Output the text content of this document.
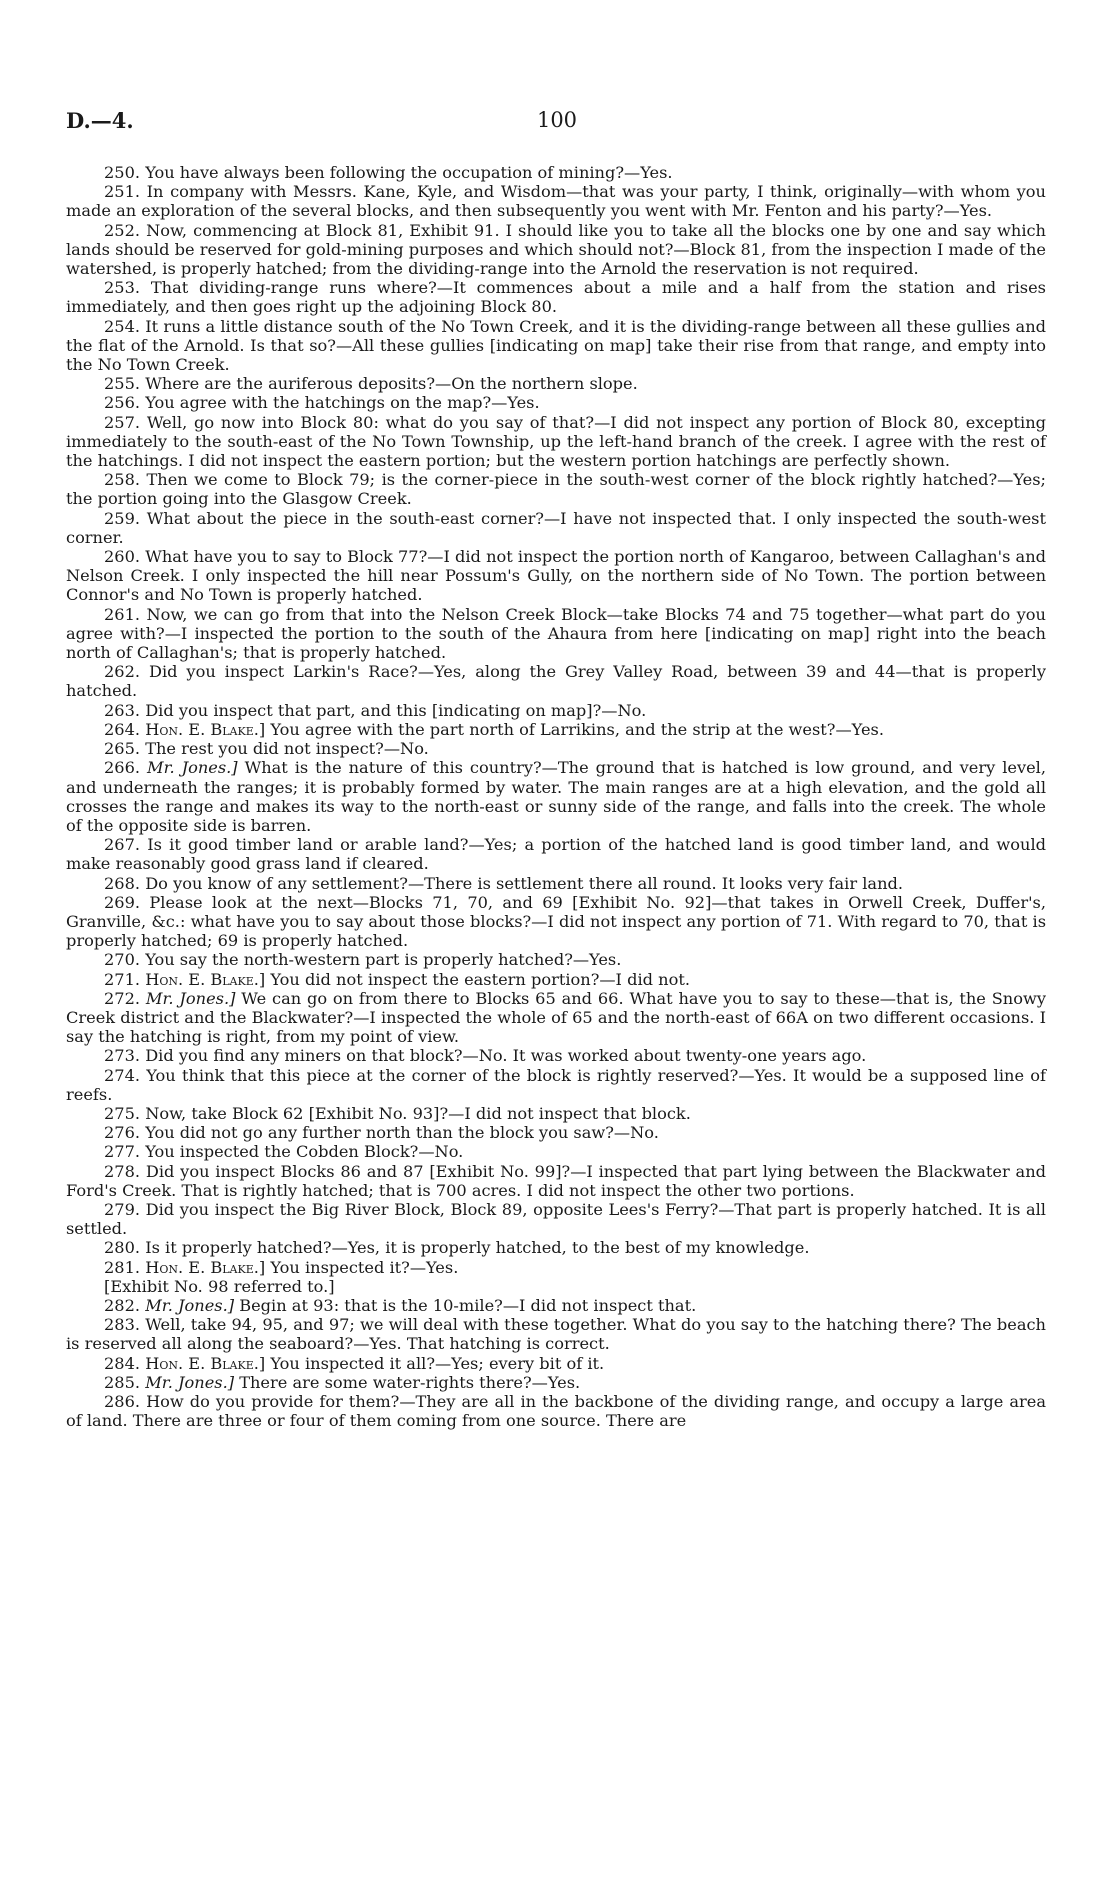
D.—4.	100

250. You have always been following the occupation of mining?—Yes.

251. In company with Messrs. Kane, Kyle, and Wisdom—that was your party, I think, originally—with whom you made an exploration of the several blocks, and then subsequently you went with Mr. Fenton and his party?—Yes.

252. Now, commencing at Block 81, Exhibit 91. I should like you to take all the blocks one by one and say which lands should be reserved for gold-mining purposes and which should not?—Block 81, from the inspection I made of the watershed, is properly hatched; from the dividing-range into the Arnold the reservation is not required.

253. That dividing-range runs where?—It commences about a mile and a half from the station and rises immediately, and then goes right up the adjoining Block 80.

254. It runs a little distance south of the No Town Creek, and it is the dividing-range between all these gullies and the flat of the Arnold. Is that so?—All these gullies [indicating on map] take their rise from that range, and empty into the No Town Creek.

255. Where are the auriferous deposits?—On the northern slope.

256. You agree with the hatchings on the map?—Yes.

257. Well, go now into Block 80: what do you say of that?—I did not inspect any portion of Block 80, excepting immediately to the south-east of the No Town Township, up the left-hand branch of the creek. I agree with the rest of the hatchings. I did not inspect the eastern portion; but the western portion hatchings are perfectly shown.

258. Then we come to Block 79; is the corner-piece in the south-west corner of the block rightly hatched?—Yes; the portion going into the Glasgow Creek.

259. What about the piece in the south-east corner?—I have not inspected that. I only inspected the south-west corner.

260. What have you to say to Block 77?—I did not inspect the portion north of Kangaroo, between Callaghan's and Nelson Creek. I only inspected the hill near Possum's Gully, on the northern side of No Town. The portion between Connor's and No Town is properly hatched.

261. Now, we can go from that into the Nelson Creek Block—take Blocks 74 and 75 together—what part do you agree with?—I inspected the portion to the south of the Ahaura from here [indicating on map] right into the beach north of Callaghan's; that is properly hatched.

262. Did you inspect Larkin's Race?—Yes, along the Grey Valley Road, between 39 and 44—that is properly hatched.

263. Did you inspect that part, and this [indicating on map]?—No.

264. Hon. E. Blake.] You agree with the part north of Larrikins, and the strip at the west?—Yes.

265. The rest you did not inspect?—No.

266. Mr. Jones.] What is the nature of this country?—The ground that is hatched is low ground, and very level, and underneath the ranges; it is probably formed by water. The main ranges are at a high elevation, and the gold all crosses the range and makes its way to the north-east or sunny side of the range, and falls into the creek. The whole of the opposite side is barren.

267. Is it good timber land or arable land?—Yes; a portion of the hatched land is good timber land, and would make reasonably good grass land if cleared.

268. Do you know of any settlement?—There is settlement there all round. It looks very fair land.

269. Please look at the next—Blocks 71, 70, and 69 [Exhibit No. 92]—that takes in Orwell Creek, Duffer's, Granville, &c.: what have you to say about those blocks?—I did not inspect any portion of 71. With regard to 70, that is properly hatched; 69 is properly hatched.

270. You say the north-western part is properly hatched?—Yes.

271. Hon. E. Blake.] You did not inspect the eastern portion?—I did not.

272. Mr. Jones.] We can go on from there to Blocks 65 and 66. What have you to say to these—that is, the Snowy Creek district and the Blackwater?—I inspected the whole of 65 and the north-east of 66A on two different occasions. I say the hatching is right, from my point of view.

273. Did you find any miners on that block?—No. It was worked about twenty-one years ago.

274. You think that this piece at the corner of the block is rightly reserved?—Yes. It would be a supposed line of reefs.

275. Now, take Block 62 [Exhibit No. 93]?—I did not inspect that block.

276. You did not go any further north than the block you saw?—No.

277. You inspected the Cobden Block?—No.

278. Did you inspect Blocks 86 and 87 [Exhibit No. 99]?—I inspected that part lying between the Blackwater and Ford's Creek. That is rightly hatched; that is 700 acres. I did not inspect the other two portions.

279. Did you inspect the Big River Block, Block 89, opposite Lees's Ferry?—That part is properly hatched. It is all settled.

280. Is it properly hatched?—Yes, it is properly hatched, to the best of my knowledge.

281. Hon. E. Blake.] You inspected it?—Yes.

[Exhibit No. 98 referred to.]

282. Mr. Jones.] Begin at 93: that is the 10-mile?—I did not inspect that.

283. Well, take 94, 95, and 97; we will deal with these together. What do you say to the hatching there? The beach is reserved all along the seaboard?—Yes. That hatching is correct.

284. Hon. E. Blake.] You inspected it all?—Yes; every bit of it.

285. Mr. Jones.] There are some water-rights there?—Yes.

286. How do you provide for them?—They are all in the backbone of the dividing range, and occupy a large area of land. There are three or four of them coming from one source. There are
